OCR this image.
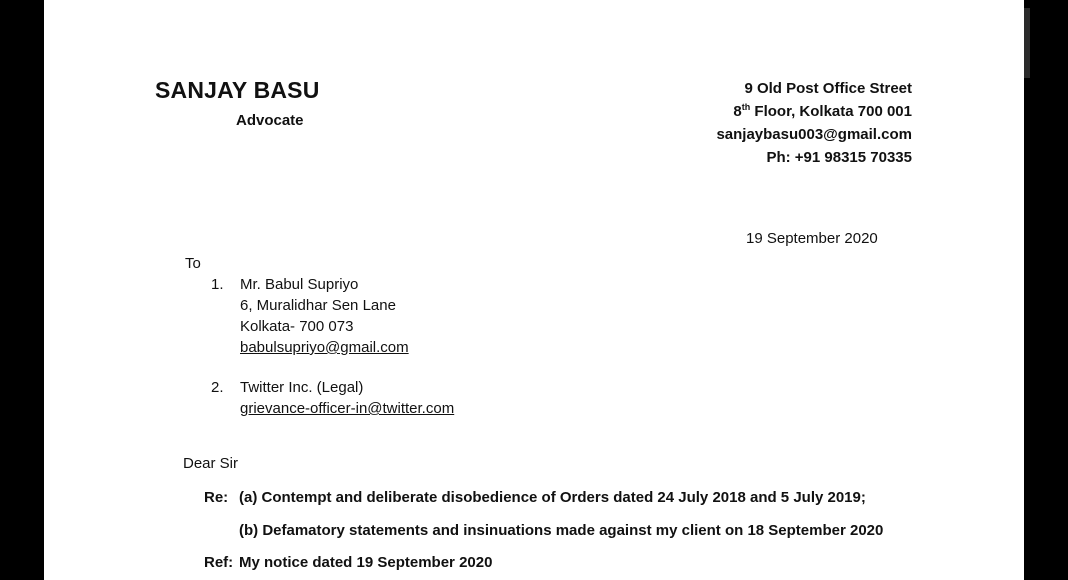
SANJAY BASU
Advocate
9 Old Post Office Street
8th Floor, Kolkata 700 001
sanjaybasu003@gmail.com
Ph: +91 98315 70335
19 September 2020
To
1. Mr. Babul Supriyo
6, Muralidhar Sen Lane
Kolkata- 700 073
babulsupriyo@gmail.com
2. Twitter Inc. (Legal)
grievance-officer-in@twitter.com
Dear Sir
Re: (a) Contempt and deliberate disobedience of Orders dated 24 July 2018 and 5 July 2019;
(b) Defamatory statements and insinuations made against my client on 18 September 2020
Ref: My notice dated 19 September 2020
